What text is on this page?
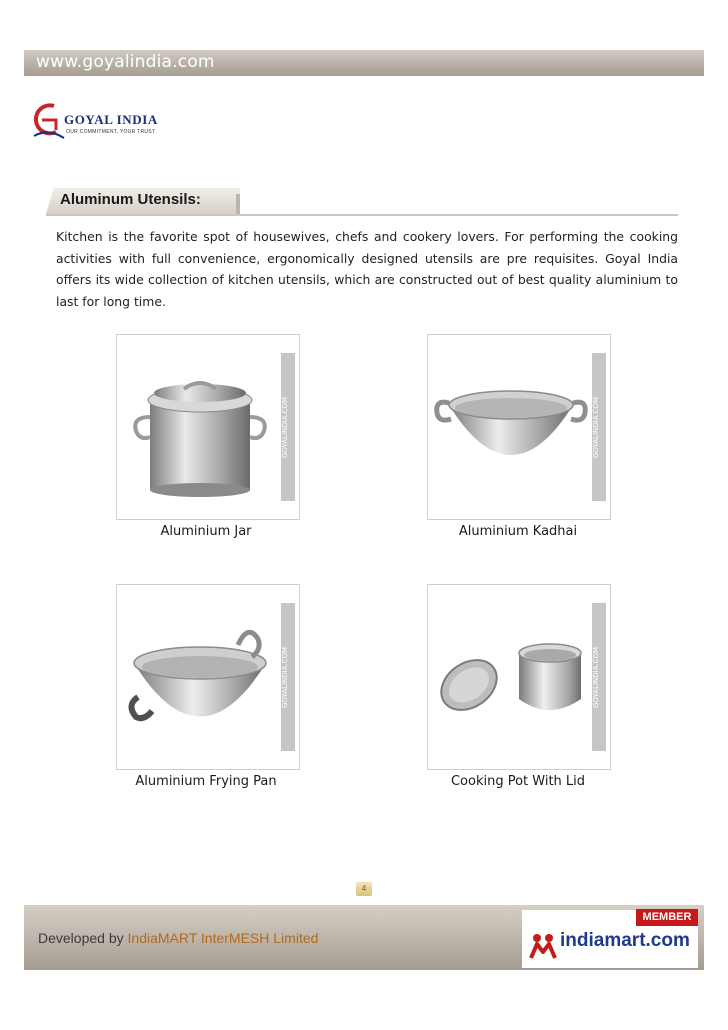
www.goyalindia.com
GOYAL INDIA
OUR COMMITMENT, YOUR TRUST
Aluminum Utensils:

Kitchen is the favorite spot of housewives, chefs and cookery lovers. For performing the cooking activities with full convenience, ergonomically designed utensils are pre requisites. Goyal India offers its wide collection of kitchen utensils, which are constructed out of best quality aluminium to last for long time.

GOYALINDIA.COM
Aluminium Jar
GOYALINDIA.COM
Aluminium Kadhai
GOYALINDIA.COM
Aluminium Frying Pan
GOYALINDIA.COM
Cooking Pot With Lid
4
Developed by IndiaMART InterMESH Limited
MEMBER
indiamart.com
